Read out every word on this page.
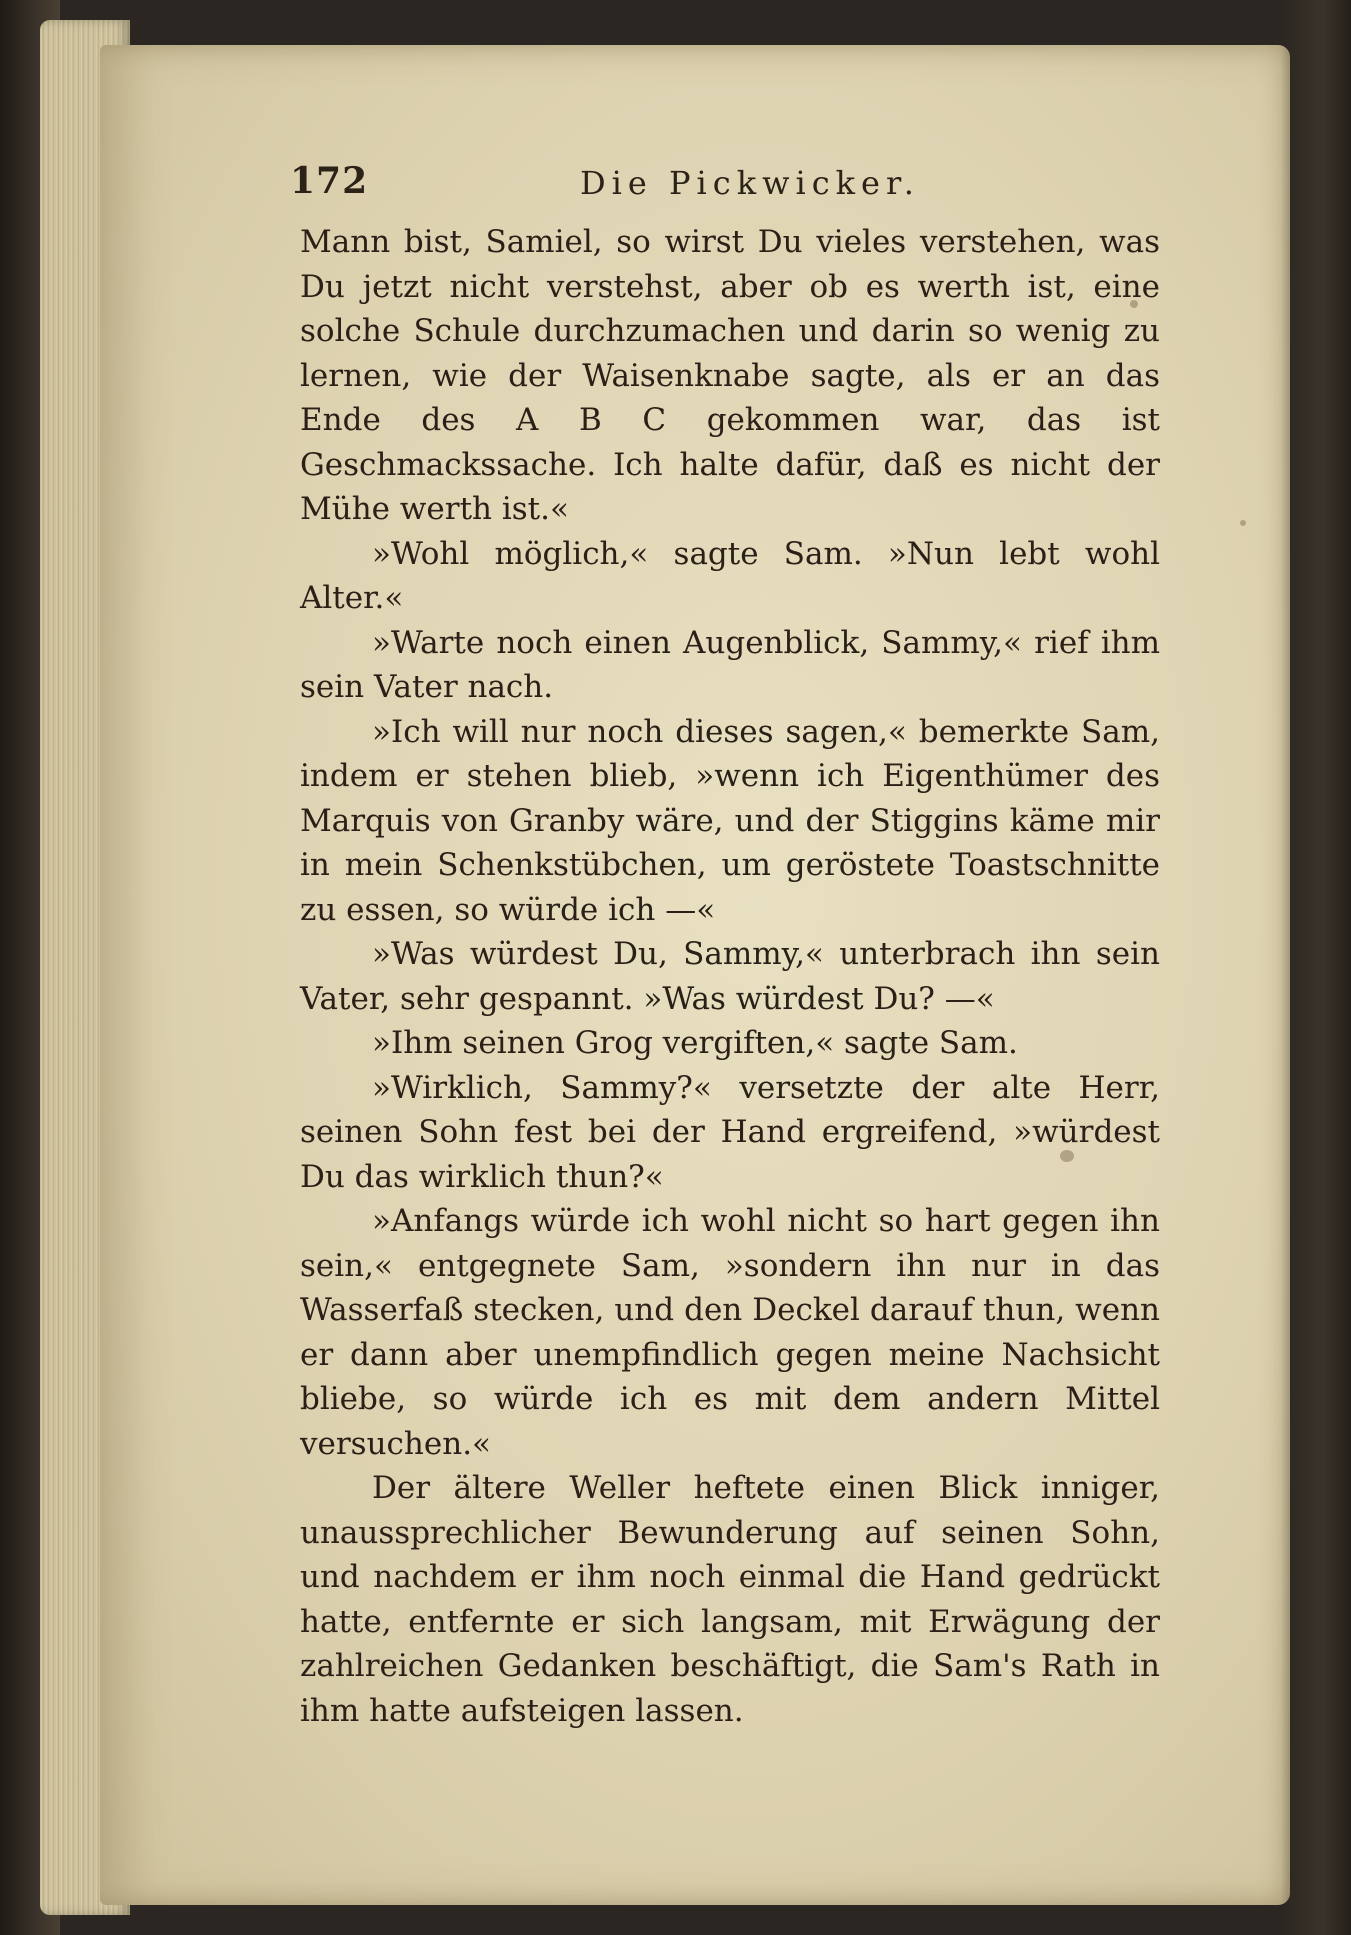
172	Die Pickwicker.

Mann bist, Samiel, so wirst Du vieles verstehen, was Du jetzt nicht verstehst, aber ob es werth ist, eine solche Schule durchzumachen und darin so wenig zu lernen, wie der Waisenknabe sagte, als er an das Ende des A B C gekommen war, das ist Geschmackssache. Ich halte dafür, daß es nicht der Mühe werth ist.«

»Wohl möglich,« sagte Sam. »Nun lebt wohl Alter.«

»Warte noch einen Augenblick, Sammy,« rief ihm sein Vater nach.

»Ich will nur noch dieses sagen,« bemerkte Sam, indem er stehen blieb, »wenn ich Eigenthümer des Marquis von Granby wäre, und der Stiggins käme mir in mein Schenkstübchen, um geröstete Toastschnitte zu essen, so würde ich —«

»Was würdest Du, Sammy,« unterbrach ihn sein Vater, sehr gespannt. »Was würdest Du? —«

»Ihm seinen Grog vergiften,« sagte Sam.

»Wirklich, Sammy?« versetzte der alte Herr, seinen Sohn fest bei der Hand ergreifend, »würdest Du das wirklich thun?«

»Anfangs würde ich wohl nicht so hart gegen ihn sein,« entgegnete Sam, »sondern ihn nur in das Wasserfaß stecken, und den Deckel darauf thun, wenn er dann aber unempfindlich gegen meine Nachsicht bliebe, so würde ich es mit dem andern Mittel versuchen.«

Der ältere Weller heftete einen Blick inniger, unaussprechlicher Bewunderung auf seinen Sohn, und nachdem er ihm noch einmal die Hand gedrückt hatte, entfernte er sich langsam, mit Erwägung der zahlreichen Gedanken beschäftigt, die Sam's Rath in ihm hatte aufsteigen lassen.
